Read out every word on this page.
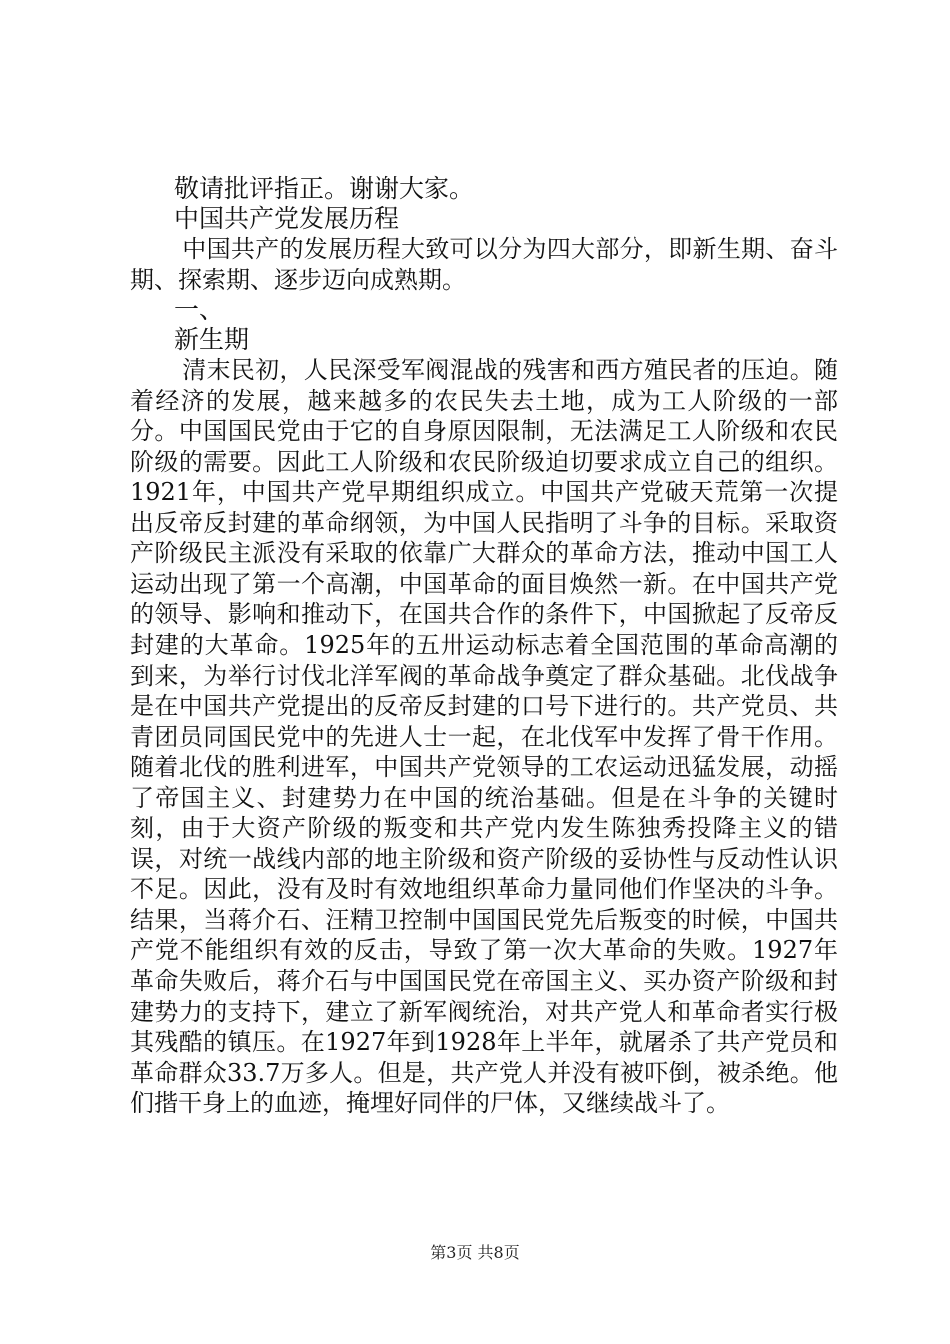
敬请批评指正。谢谢大家。

中国共产党发展历程

中国共产的发展历程大致可以分为四大部分，即新生期、奋斗期、探索期、逐步迈向成熟期。

一、

新生期

清末民初，人民深受军阀混战的残害和西方殖民者的压迫。随着经济的发展，越来越多的农民失去土地，成为工人阶级的一部分。中国国民党由于它的自身原因限制，无法满足工人阶级和农民阶级的需要。因此工人阶级和农民阶级迫切要求成立自己的组织。1921年，中国共产党早期组织成立。中国共产党破天荒第一次提出反帝反封建的革命纲领，为中国人民指明了斗争的目标。采取资产阶级民主派没有采取的依靠广大群众的革命方法，推动中国工人运动出现了第一个高潮，中国革命的面目焕然一新。在中国共产党的领导、影响和推动下，在国共合作的条件下，中国掀起了反帝反封建的大革命。1925年的五卅运动标志着全国范围的革命高潮的到来，为举行讨伐北洋军阀的革命战争奠定了群众基础。北伐战争是在中国共产党提出的反帝反封建的口号下进行的。共产党员、共青团员同国民党中的先进人士一起，在北伐军中发挥了骨干作用。随着北伐的胜利进军，中国共产党领导的工农运动迅猛发展，动摇了帝国主义、封建势力在中国的统治基础。但是在斗争的关键时刻，由于大资产阶级的叛变和共产党内发生陈独秀投降主义的错误，对统一战线内部的地主阶级和资产阶级的妥协性与反动性认识不足。因此，没有及时有效地组织革命力量同他们作坚决的斗争。结果，当蒋介石、汪精卫控制中国国民党先后叛变的时候，中国共产党不能组织有效的反击，导致了第一次大革命的失败。1927年革命失败后，蒋介石与中国国民党在帝国主义、买办资产阶级和封建势力的支持下，建立了新军阀统治，对共产党人和革命者实行极其残酷的镇压。在1927年到1928年上半年，就屠杀了共产党员和革命群众33.7万多人。但是，共产党人并没有被吓倒，被杀绝。他们揩干身上的血迹，掩埋好同伴的尸体，又继续战斗了。

第3页 共8页
